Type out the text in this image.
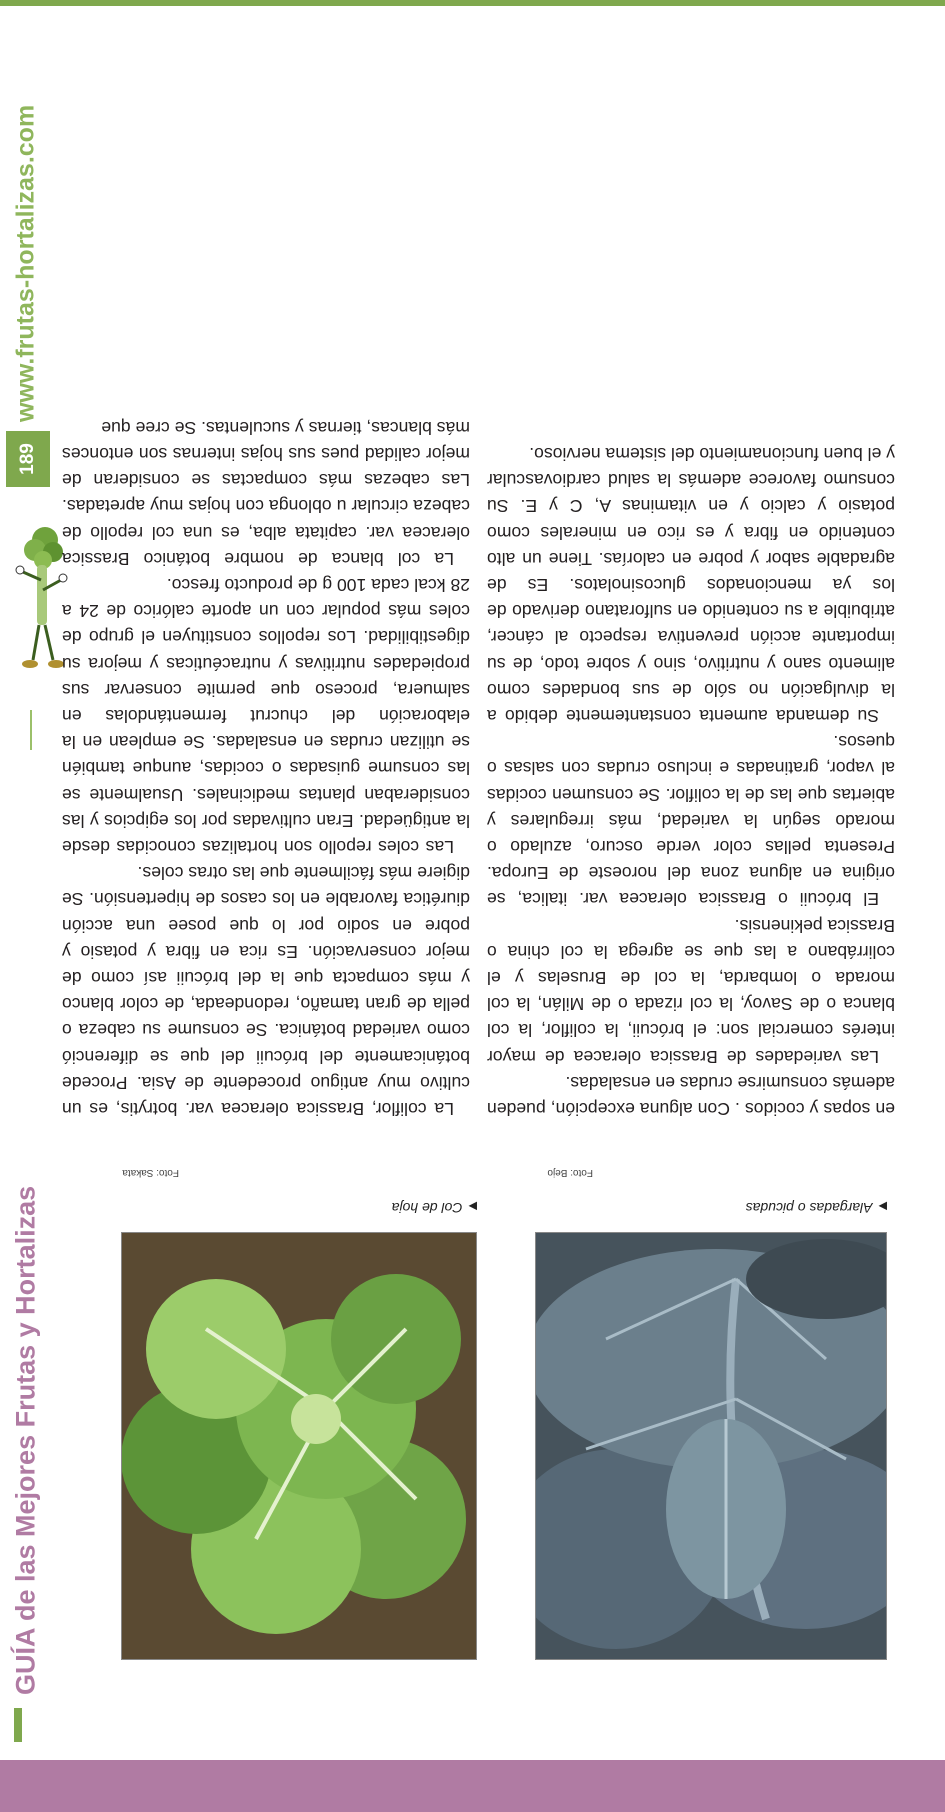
GUÍA de las Mejores Frutas y Hortalizas
189
www.frutas-hortalizas.com
▶Alargadas o picudas
▶Col de hoja
Foto: Bejo
Foto: Sakata

en sopas y cocidos . Con alguna excepción, pueden además consumirse crudas en ensaladas.

Las variedades de Brassica oleracea de mayor interés comercial son: el brócuii, la coliflor, la col blanca o de Savoy, la col rizada o de Milán, la col morada o lombarda, la col de Bruselas y el colirrábano a las que se agrega la col china o Brassica pekinensis.

El brócuii o Brassica oleracea var. italica, se origina en alguna zona del noroeste de Europa. Presenta pellas color verde oscuro, azulado o morado según la variedad, más irregulares y abiertas que las de la coliflor. Se consumen cocidas al vapor, gratinadas e incluso crudas con salsas o quesos.

Su demanda aumenta constantemente debido a la divulgación no sólo de sus bondades como alimento sano y nutritivo, sino y sobre todo, de su importante acción preventiva respecto al cáncer, atribuible a su contenido en sulforatano derivado de los ya mencionados glucosinolatos. Es de agradable sabor y pobre en calorías. Tiene un alto contenido en fibra y es rico en minerales como potasio y calcio y en vitaminas A, C y E. Su consumo favorece además la salud cardiovascular y el buen funcionamiento del sistema nervioso.

La coliflor, Brassica oleracea var. botrytis, es un cultivo muy antiguo procedente de Asia. Procede botánicamente del brócuii del que se diferenció como variedad botánica. Se consume su cabeza o pella de gran tamaño, redondeada, de color blanco y más compacta que la del brócuii así como de mejor conservación. Es rica en fibra y potasio y pobre en sodio por lo que posee una acción diurética favorable en los casos de hipertensión. Se digiere más fácilmente que las otras coles.

Las coles repollo son hortalizas conocidas desde la antigüedad. Eran cultivadas por los egipcios y las consideraban plantas medicinales. Usualmente se las consume guisadas o cocidas, aunque también se utilizan crudas en ensaladas. Se emplean en la elaboración del chucrut fermentándolas en salmuera, proceso que permite conservar sus propiedades nutritivas y nutracéuticas y mejora su digestibilidad. Los repollos constituyen el grupo de coles más popular con un aporte calórico de 24 a 28 kcal cada 100 g de producto fresco.

La col blanca de nombre botánico Brassica oleracea var. capitata alba, es una col repollo de cabeza circular u oblonga con hojas muy apretadas. Las cabezas más compactas se consideran de mejor calidad pues sus hojas internas son entonces más blancas, tiernas y suculentas. Se cree que
